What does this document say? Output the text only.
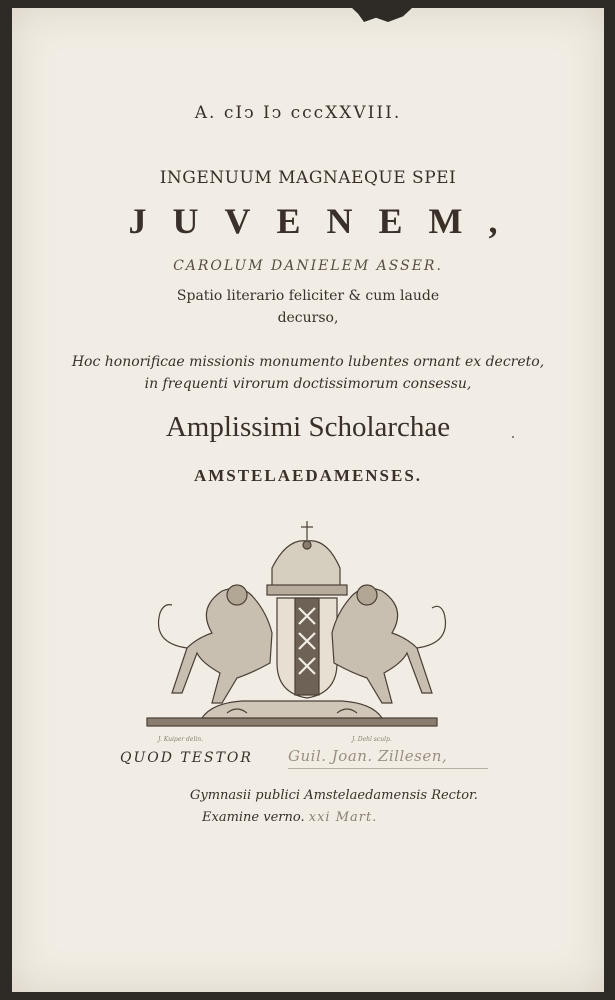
A. cIↄ Iↄ cccXXVIII.
INGENUUM MAGNAEQUE SPEI
JUVENEM,
CAROLUM DANIELEM ASSER.
Spatio literario feliciter & cum laude
decurso,
Hoc honorificae missionis monumento lubentes ornant ex decreto,
in frequenti virorum doctissimorum consessu,
Amplissimi Scholarchae
AMSTELAEDAMENSES.
J. Kuiper delin.	J. Dehl sculp.
QUOD TESTOR Guil. Joan. Zillesen,
Gymnasii publici Amstelaedamensis Rector.
Examine verno. xxi Mart.
